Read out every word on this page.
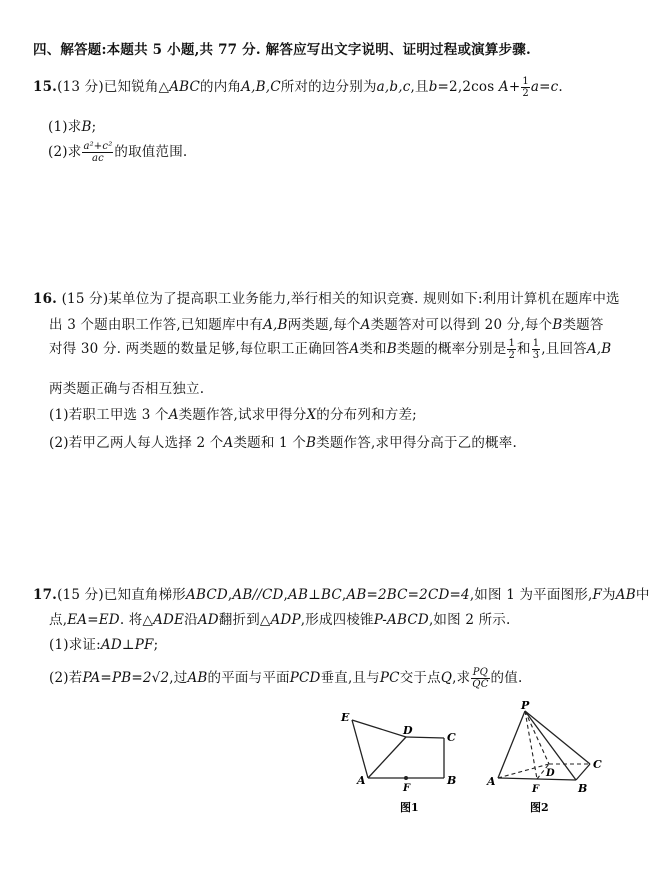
四、解答题:本题共 5 小题,共 77 分. 解答应写出文字说明、证明过程或演算步骤.
15.(13 分)已知锐角△ABC的内角A,B,C所对的边分别为a,b,c,且b=2,2cos $A+ \frac{1}{2} a=c$.
(1)求B;
(2)求 $\frac{\text{a²+c²}}{ac}$ 的取值范围.
16. (15 分)某单位为了提高职工业务能力,举行相关的知识竞赛. 规则如下:利用计算机在题库中选
出 3 个题由职工作答,已知题库中有A,B两类题,每个A类题答对可以得到 20 分,每个B类题答
对得 30 分. 两类题的数量足够,每位职工正确回答A类和B类题的概率分别是 $\frac{1}{2}$ 和 $\frac{1}{3}$ ,且回答A,B
两类题正确与否相互独立.
(1)若职工甲选 3 个A类题作答,试求甲得分X的分布列和方差;
(2)若甲乙两人每人选择 2 个A类题和 1 个B类题作答,求甲得分高于乙的概率.
17.(15 分)已知直角梯形ABCD,AB//CD,AB⊥BC,AB=2BC=2CD=4,如图 1 为平面图形,F为AB中
点,EA=ED. 将△ADE沿AD翻折到△ADP,形成四棱锥P-ABCD,如图 2 所示.
(1)求证:AD⊥PF;
(2)若PA=PB=2√2,过AB的平面与平面PCD垂直,且与PC交于点Q,求 $\frac{PQ}{QC}$ 的值.
E
D
C
A
F
B
图1
P
D
C
A
F	B
图2
